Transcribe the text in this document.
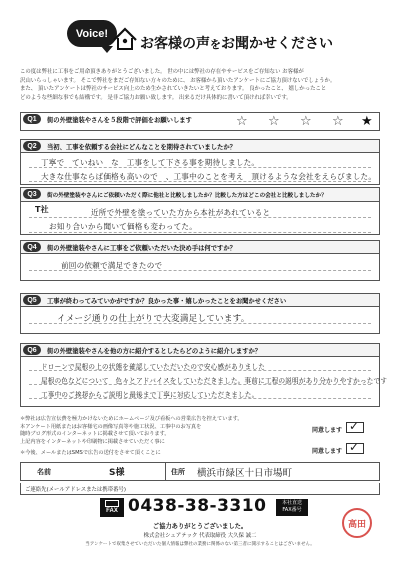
Voice!
お客様の声をお聞かせください
この度は弊社に工事をご用命頂きありがとうございました。 世の中には弊社の存在やサービスをご存知ない お客様が
沢山いらっしゃいます。 そこで弊社をまだご存知ない方々のために、 お客様から頂いたアンケートにご協力頂けないでしょうか。
また、 頂いたアンケートは弊社のサービス向上のため生かされていきたいと考えております。 良かったこと、 嬉しかったこと
どのような些細な事でも結構です。 是非ご協力お願い致します。 出来るだけ具体的に書いて頂ければ幸いです。
Q1	街の外壁塗装やさんを５段階で評価をお願いします	☆ ☆ ☆ ☆ ★
Q2	当初、工事を依頼する会社にどんなことを期待されていましたか？
丁寧で　ていねい　な　工事をして下さる事を期待しました。
大きな仕事ならば価格も高いので　、工事中のことを考え　頂けるような会社をえらびました。
Q3	街の外壁塗装やさんにご依頼いただく際に他社と比較しましたか？比較した方はどこの会社と比較しましたか？
T社	近所で外壁を塗っていた方から本社があれていると
お知り合いから聞いて価格も変わってた。
Q4	街の外壁塗装やさんに工事をご依頼いただいた決め手は何ですか？
前回の依頼で満足できたので
Q5	工事が終わってみていかがですか？良かった事・嬉しかったことをお聞かせください
イメージ通りの仕上がりで大変満足しています。
Q6	街の外壁塗装やさんを他の方に紹介するとしたらどのように紹介しますか？
ドローンで屋根の上の状態を確認していただいたので安心感がありました
屋根の色などについて　色々とアドバイスをしていただきました。事前に工程の説明があり分かりやすかったです
工事中のご挨拶からご説明と最後まで丁寧に対応していただきました。
＊弊社は広告宣伝費を極力かけないためにホームページ及び看板への営業広告を控えています。
本アンケート用紙またはお客様宅の画像写真等や施工状況、工事中のお写真を
随時ブログ形式のインターネットに掲載させて頂いております。
上記内容をインターネットや印刷物に掲載させていただく事に
＊今後、メールまたはSMSで広告の送付をさせて頂くことに
同意します ✓
同意します ✓
名前	S様	住所 横浜市緑区十日市場町
ご連絡先(メールアドレスまたは携帯番号)
FAX 0438-38-3310	本社直送
FAX番号
ご協力ありがとうございました。
株式会社シェアテック 代表取締役 大久保 誠二
当アンケートで収集させていただいた個人情報は弊社の業務に関係のない第三者に開示することはございません。
高田
